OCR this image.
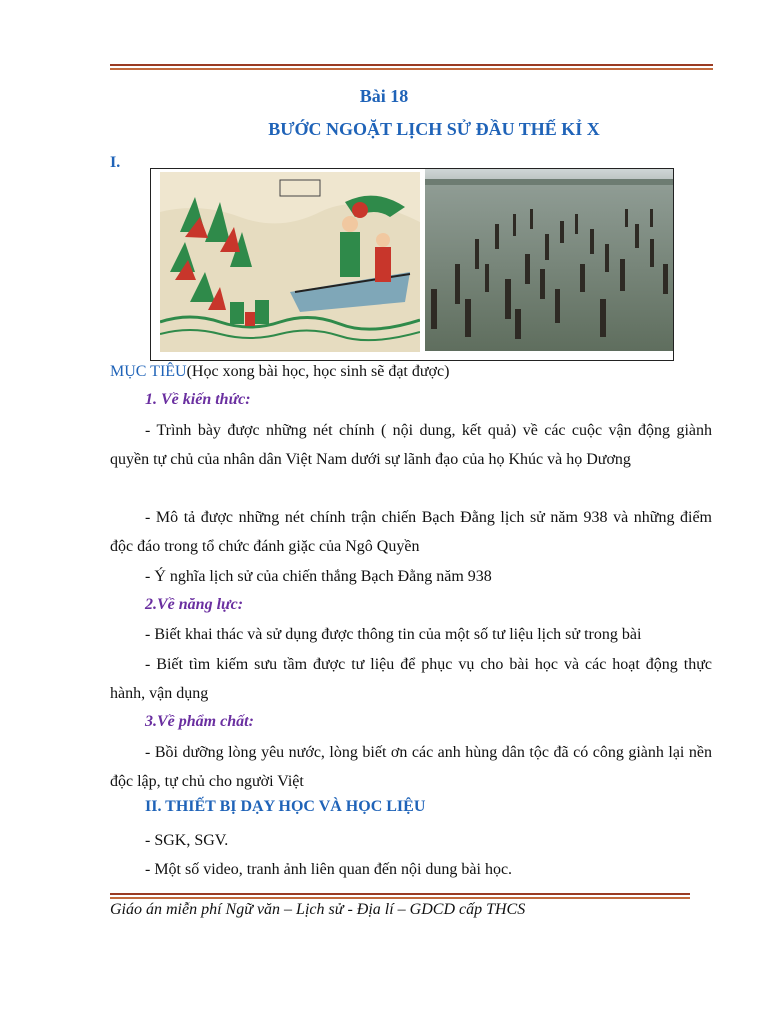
Bài 18
BƯỚC NGOẶT LỊCH SỬ ĐẦU THẾ KỈ X
I.
MỤC TIÊU(Học xong bài học, học sinh sẽ đạt được)
1. Về kiến thức:
- Trình bày được những nét chính ( nội dung, kết quả) về các cuộc vận động giành quyền tự chủ của nhân dân Việt Nam dưới sự lãnh đạo của họ Khúc và họ Dương
- Mô tả được những nét chính trận chiến Bạch Đằng lịch sử năm 938 và những điểm độc đáo trong tổ chức đánh giặc của Ngô Quyền
- Ý nghĩa lịch sử của chiến thắng Bạch Đằng năm 938
2.Về năng lực:
- Biết khai thác và sử dụng được thông tin của một số tư liệu lịch sử trong bài
- Biết tìm kiếm sưu tầm được tư liệu để phục vụ cho bài học và các hoạt động thực hành, vận dụng
3.Về phẩm chất:
- Bồi dưỡng lòng yêu nước, lòng biết ơn các anh hùng dân tộc đã có công giành lại nền độc lập, tự chủ cho người Việt
II. THIẾT BỊ DẠY HỌC VÀ HỌC LIỆU
- SGK, SGV.
- Một số video, tranh ảnh liên quan đến nội dung bài học.
Giáo án miễn phí Ngữ văn – Lịch sử - Địa lí – GDCD cấp THCS
